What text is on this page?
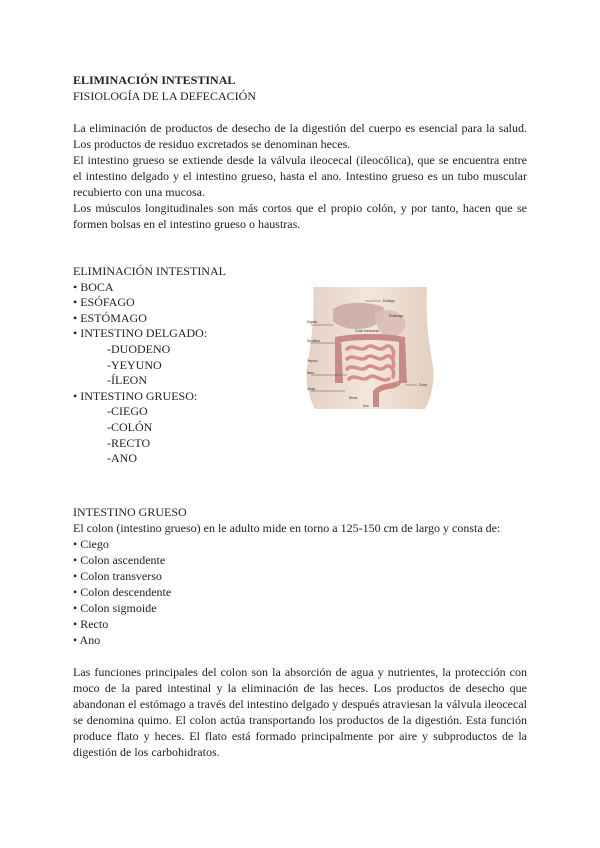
ELIMINACIÓN INTESTINAL
FISIOLOGÍA DE LA DEFECACIÓN
La eliminación de productos de desecho de la digestión del cuerpo es esencial para la salud. Los productos de residuo excretados se denominan heces.
El intestino grueso se extiende desde la válvula ileocecal (ileocólica), que se encuentra entre el intestino delgado y el intestino grueso, hasta el ano. Intestino grueso es un tubo muscular recubierto con una mucosa.
Los músculos longitudinales son más cortos que el propio colón, y por tanto, hacen que se formen bolsas en el intestino grueso o haustras.
ELIMINACIÓN INTESTINAL
• BOCA
• ESÓFAGO
• ESTÓMAGO
• INTESTINO DELGADO:
-DUODENO
-YEYUNO
-ÍLEON
• INTESTINO GRUESO:
-CIEGO
-COLÓN
-RECTO
-ANO
Esófago
Hígado
Estómago
Duodeno
Colon transverso
Yeyuno
Íleon
Ciego
Colon
Recto
Ano
INTESTINO GRUESO
El colon (intestino grueso) en le adulto mide en torno a 125-150 cm de largo y consta de:
• Ciego
• Colon ascendente
• Colon transverso
• Colon descendente
• Colon sigmoide
• Recto
• Ano
Las funciones principales del colon son la absorción de agua y nutrientes, la protección con moco de la pared intestinal y la eliminación de las heces. Los productos de desecho que abandonan el estómago a través del intestino delgado y después atraviesan la válvula ileocecal se denomina quimo. El colon actúa transportando los productos de la digestión. Esta función produce flato y heces. El flato está formado principalmente por aire y subproductos de la digestión de los carbohidratos.
